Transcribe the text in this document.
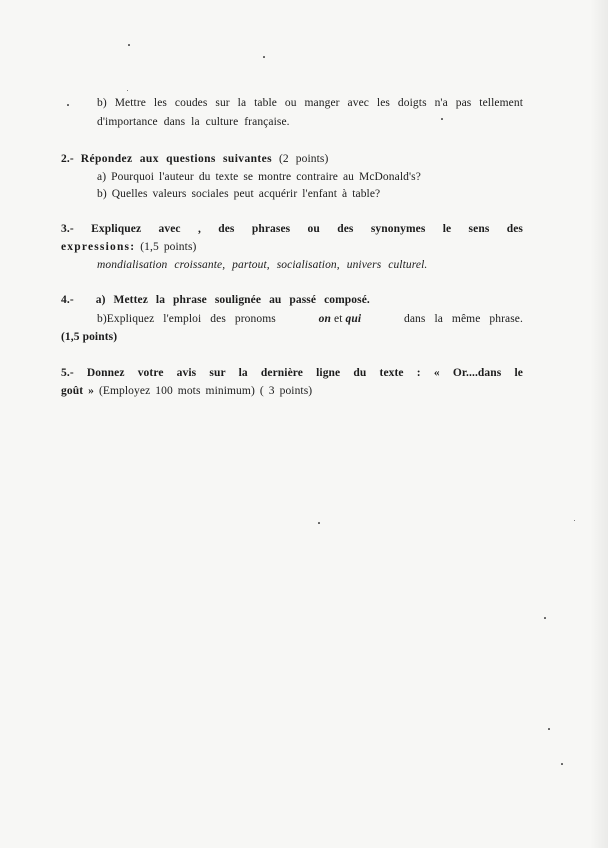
b) Mettre les coudes sur la table ou manger avec les doigts n'a pas tellement
d'importance dans la culture française.
2.- Répondez aux questions suivantes (2 points)
a) Pourquoi l'auteur du texte se montre contraire au McDonald's?
b) Quelles valeurs sociales peut acquérir l'enfant à table?
3.- Expliquez avec , des phrases ou des synonymes le sens des
expressions: (1,5 points)
mondialisation croissante, partout, socialisation, univers culturel.
4.- a) Mettez la phrase soulignée au passé composé.
b)Expliquez l'emploi des pronoms	on et qui	dans la même phrase.
(1,5 points)
5.- Donnez votre avis sur la dernière ligne du texte : « Or....dans le
goût » (Employez 100 mots minimum) ( 3 points)
